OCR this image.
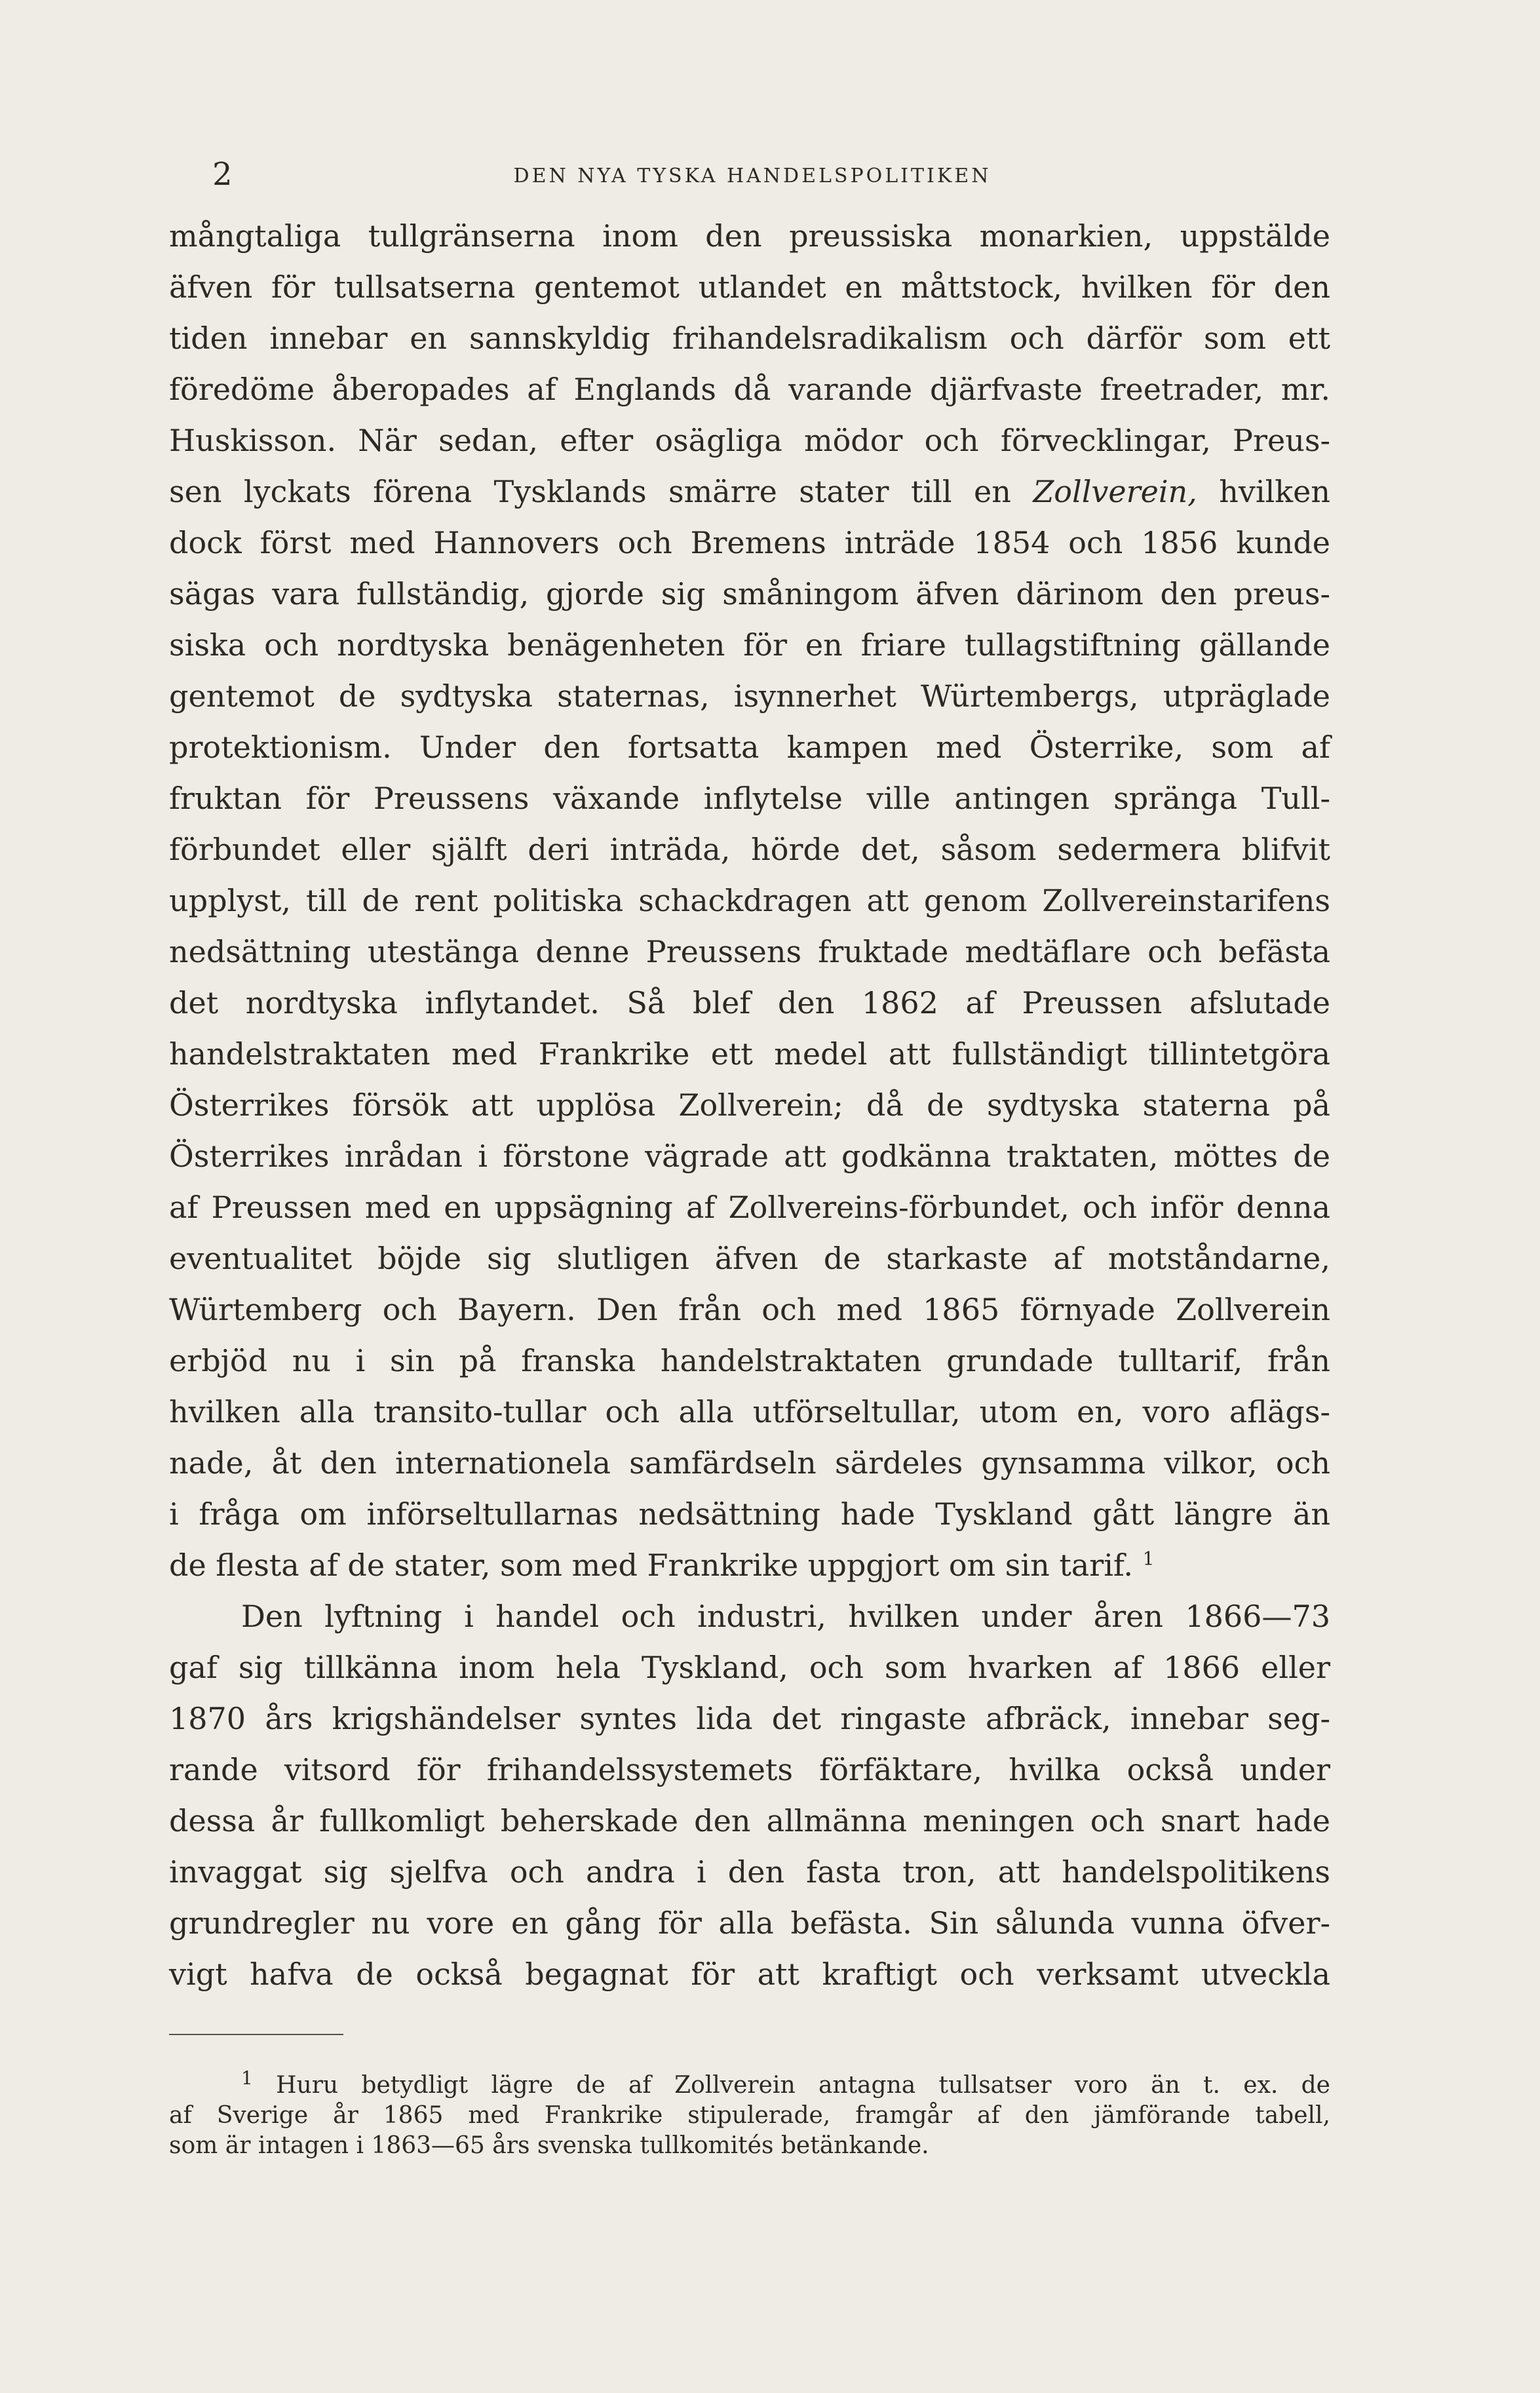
2	DEN NYA TYSKA HANDELSPOLITIKEN
mångtaliga tullgränserna inom den preussiska monarkien, uppstälde
äfven för tullsatserna gentemot utlandet en måttstock, hvilken för den
tiden innebar en sannskyldig frihandelsradikalism och därför som ett
föredöme åberopades af Englands då varande djärfvaste freetrader, mr.
Huskisson. När sedan, efter osägliga mödor och förvecklingar, Preus-
sen lyckats förena Tysklands smärre stater till en Zollverein, hvilken
dock först med Hannovers och Bremens inträde 1854 och 1856 kunde
sägas vara fullständig, gjorde sig småningom äfven därinom den preus-
siska och nordtyska benägenheten för en friare tullagstiftning gällande
gentemot de sydtyska staternas, isynnerhet Würtembergs, utpräglade
protektionism. Under den fortsatta kampen med Österrike, som af
fruktan för Preussens växande inflytelse ville antingen spränga Tull-
förbundet eller själft deri inträda, hörde det, såsom sedermera blifvit
upplyst, till de rent politiska schackdragen att genom Zollvereinstarifens
nedsättning utestänga denne Preussens fruktade medtäflare och befästa
det nordtyska inflytandet. Så blef den 1862 af Preussen afslutade
handelstraktaten med Frankrike ett medel att fullständigt tillintetgöra
Österrikes försök att upplösa Zollverein; då de sydtyska staterna på
Österrikes inrådan i förstone vägrade att godkänna traktaten, möttes de
af Preussen med en uppsägning af Zollvereins-förbundet, och inför denna
eventualitet böjde sig slutligen äfven de starkaste af motståndarne,
Würtemberg och Bayern. Den från och med 1865 förnyade Zollverein
erbjöd nu i sin på franska handelstraktaten grundade tulltarif, från
hvilken alla transito-tullar och alla utförseltullar, utom en, voro aflägs-
nade, åt den internationela samfärdseln särdeles gynsamma vilkor, och
i fråga om införseltullarnas nedsättning hade Tyskland gått längre än
de flesta af de stater, som med Frankrike uppgjort om sin tarif. $^1$
Den lyftning i handel och industri, hvilken under åren 1866—73
gaf sig tillkänna inom hela Tyskland, och som hvarken af 1866 eller
1870 års krigshändelser syntes lida det ringaste afbräck, innebar seg-
rande vitsord för frihandelssystemets förfäktare, hvilka också under
dessa år fullkomligt beherskade den allmänna meningen och snart hade
invaggat sig sjelfva och andra i den fasta tron, att handelspolitikens
grundregler nu vore en gång för alla befästa. Sin sålunda vunna öfver-
vigt hafva de också begagnat för att kraftigt och verksamt utveckla
$^1$ Huru betydligt lägre de af Zollverein antagna tullsatser voro än t. ex. de
af Sverige år 1865 med Frankrike stipulerade, framgår af den jämförande tabell,
som är intagen i 1863—65 års svenska tullkomités betänkande.
